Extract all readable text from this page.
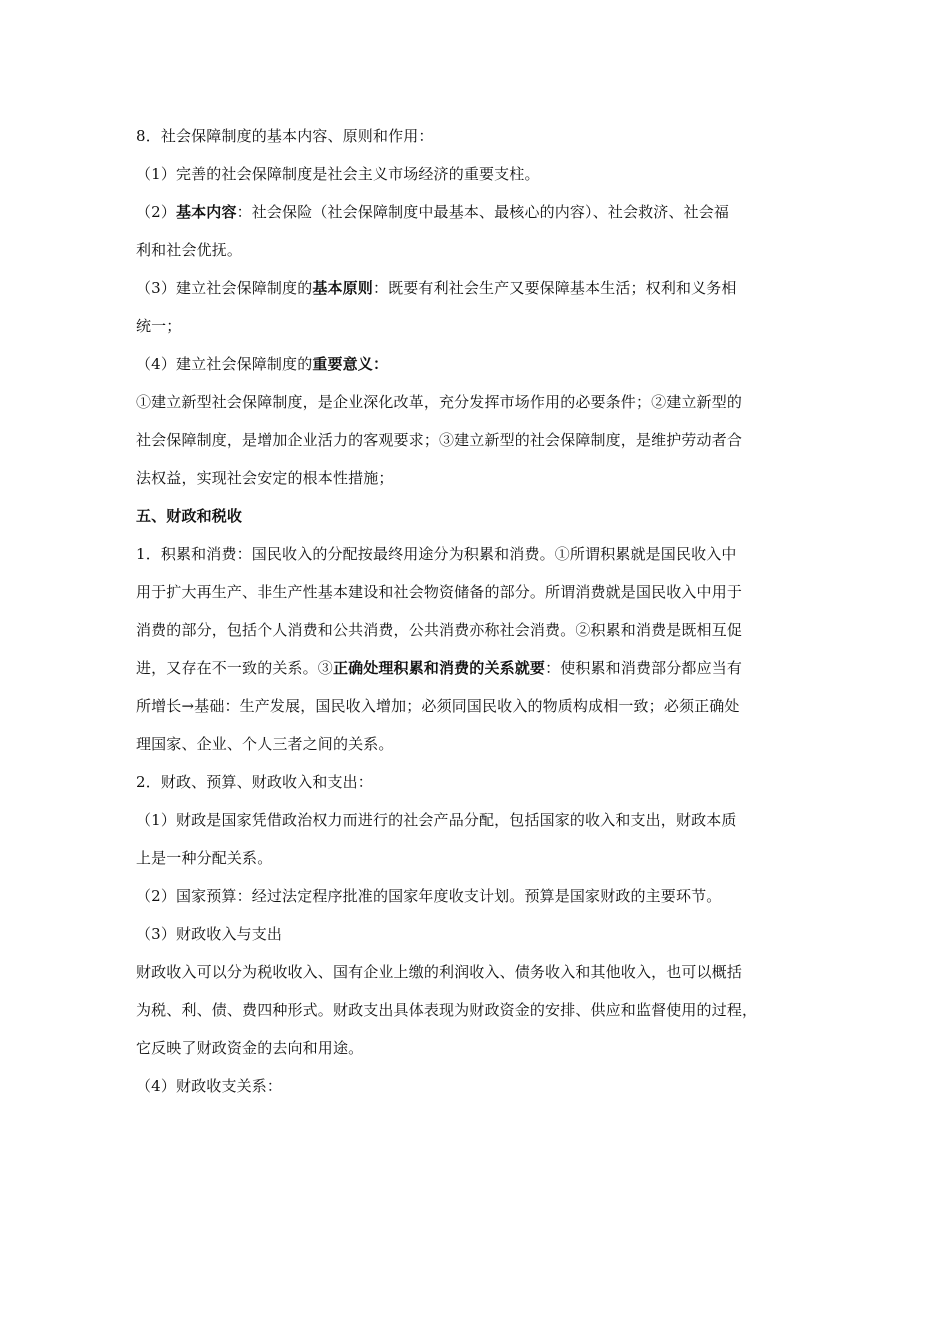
8．社会保障制度的基本内容、原则和作用：
（1）完善的社会保障制度是社会主义市场经济的重要支柱。
（2）基本内容：社会保险（社会保障制度中最基本、最核心的内容）、社会救济、社会福
利和社会优抚。
（3）建立社会保障制度的基本原则：既要有利社会生产又要保障基本生活；权利和义务相
统一；
（4）建立社会保障制度的重要意义：
①建立新型社会保障制度，是企业深化改革，充分发挥市场作用的必要条件；②建立新型的
社会保障制度，是增加企业活力的客观要求；③建立新型的社会保障制度，是维护劳动者合
法权益，实现社会安定的根本性措施；
五、财政和税收
1．积累和消费：国民收入的分配按最终用途分为积累和消费。①所谓积累就是国民收入中
用于扩大再生产、非生产性基本建设和社会物资储备的部分。所谓消费就是国民收入中用于
消费的部分，包括个人消费和公共消费，公共消费亦称社会消费。②积累和消费是既相互促
进，又存在不一致的关系。③正确处理积累和消费的关系就要：使积累和消费部分都应当有
所增长→基础：生产发展，国民收入增加；必须同国民收入的物质构成相一致；必须正确处
理国家、企业、个人三者之间的关系。
2．财政、预算、财政收入和支出：
（1）财政是国家凭借政治权力而进行的社会产品分配，包括国家的收入和支出，财政本质
上是一种分配关系。
（2）国家预算：经过法定程序批准的国家年度收支计划。预算是国家财政的主要环节。
（3）财政收入与支出
财政收入可以分为税收收入、国有企业上缴的利润收入、债务收入和其他收入，也可以概括
为税、利、债、费四种形式。财政支出具体表现为财政资金的安排、供应和监督使用的过程，
它反映了财政资金的去向和用途。
（4）财政收支关系：
